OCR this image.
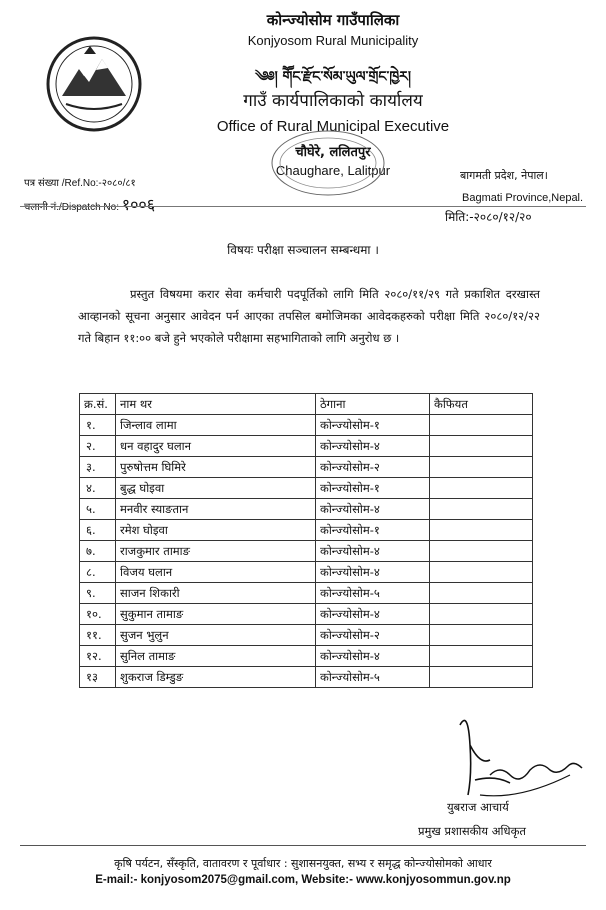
कोन्ज्योसोम गाउँपालिका
Konjyosom Rural Municipality
༄༅། གཽང་རྫོང་སོམ་ཡུལ་གྲོང་ཁྱེར།
गाउँ कार्यपालिकाको कार्यालय
Office of Rural Municipal Executive
चौघेरे, ललितपुर
Chaughare, Lalitpur
पत्र संख्या /Ref.No:-२०८०/८१
चलानी नं./Dispatch No: १००६
बागमती प्रदेश, नेपाल।
Bagmati Province,Nepal.
मिति:-२०८०/१२/२०
विषयः परीक्षा सञ्चालन सम्बन्धमा ।
प्रस्तुत विषयमा करार सेवा कर्मचारी पदपूर्तिको लागि मिति २०८०/११/२९ गते प्रकाशित दरखास्त आव्हानको सूचना अनुसार आवेदन पर्न आएका तपसिल बमोजिमका आवेदकहरुको परीक्षा मिति २०८०/१२/२२ गते बिहान ११:०० बजे हुने भएकोले परीक्षामा सहभागिताको लागि अनुरोध छ ।
क्र.सं.	नाम थर	ठेगाना	कैफियत
१.	जिन्लाव लामा	कोन्ज्योसोम-१	
२.	धन वहादुर घलान	कोन्ज्योसोम-४	
३.	पुरुषोत्तम घिमिरे	कोन्ज्योसोम-२	
४.	बुद्ध घोइवा	कोन्ज्योसोम-१	
५.	मनवीर स्याङतान	कोन्ज्योसोम-४	
६.	रमेश घोइवा	कोन्ज्योसोम-१	
७.	राजकुमार तामाङ	कोन्ज्योसोम-४	
८.	विजय घलान	कोन्ज्योसोम-४	
९.	साजन शिकारी	कोन्ज्योसोम-५	
१०.	सुकुमान तामाङ	कोन्ज्योसोम-४	
११.	सुजन भुलुन	कोन्ज्योसोम-२	
१२.	सुनिल तामाङ	कोन्ज्योसोम-४	
१३	शुकराज डिम्डुङ	कोन्ज्योसोम-५	
युबराज आचार्य
प्रमुख प्रशासकीय अधिकृत
कृषि पर्यटन, सँस्कृति, वातावरण र पूर्वाधार : सुशासनयुक्त, सभ्य र समृद्ध कोन्ज्योसोमको आधार
E-mail:- konjyosom2075@gmail.com, Website:- www.konjyosommun.gov.np
